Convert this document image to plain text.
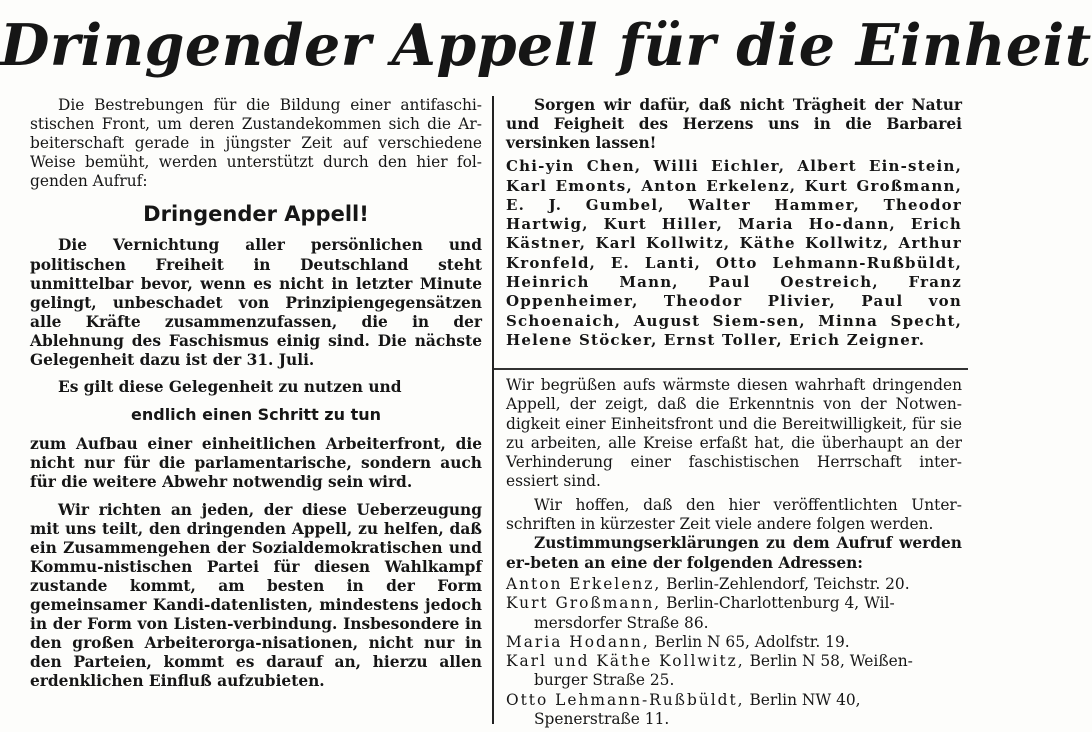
Dringender Appell für die Einheit

Die Bestrebungen für die Bildung einer antifaschi-stischen Front, um deren Zustandekommen sich die Ar-beiterschaft gerade in jüngster Zeit auf verschiedene Weise bemüht, werden unterstützt durch den hier fol-genden Aufruf:

Dringender Appell!

Die Vernichtung aller persönlichen und politischen Freiheit in Deutschland steht unmittelbar bevor, wenn es nicht in letzter Minute gelingt, unbeschadet von Prinzipiengegensätzen alle Kräfte zusammenzufassen, die in der Ablehnung des Faschismus einig sind. Die nächste Gelegenheit dazu ist der 31. Juli.

Es gilt diese Gelegenheit zu nutzen und

endlich einen Schritt zu tun

zum Aufbau einer einheitlichen Arbeiterfront, die nicht nur für die parlamentarische, sondern auch für die weitere Abwehr notwendig sein wird.

Wir richten an jeden, der diese Ueberzeugung mit uns teilt, den dringenden Appell, zu helfen, daß ein Zusammengehen der Sozialdemokratischen und Kommu-nistischen Partei für diesen Wahlkampf zustande kommt, am besten in der Form gemeinsamer Kandi-datenlisten, mindestens jedoch in der Form von Listen-verbindung. Insbesondere in den großen Arbeiterorga-nisationen, nicht nur in den Parteien, kommt es darauf an, hierzu allen erdenklichen Einfluß aufzubieten.

Sorgen wir dafür, daß nicht Trägheit der Natur und Feigheit des Herzens uns in die Barbarei versinken lassen!

Chi-yin Chen, Willi Eichler, Albert Ein-stein, Karl Emonts, Anton Erkelenz, Kurt Großmann, E. J. Gumbel, Walter Hammer, Theodor Hartwig, Kurt Hiller, Maria Ho-dann, Erich Kästner, Karl Kollwitz, Käthe Kollwitz, Arthur Kronfeld, E. Lanti, Otto Lehmann-Rußbüldt, Heinrich Mann, Paul Oestreich, Franz Oppenheimer, Theodor Plivier, Paul von Schoenaich, August Siem-sen, Minna Specht, Helene Stöcker, Ernst Toller, Erich Zeigner.

Wir begrüßen aufs wärmste diesen wahrhaft dringenden Appell, der zeigt, daß die Erkenntnis von der Notwen-digkeit einer Einheitsfront und die Bereitwilligkeit, für sie zu arbeiten, alle Kreise erfaßt hat, die überhaupt an der Verhinderung einer faschistischen Herrschaft inter-essiert sind.

Wir hoffen, daß den hier veröffentlichten Unter-schriften in kürzester Zeit viele andere folgen werden.

Zustimmungserklärungen zu dem Aufruf werden er-beten an eine der folgenden Adressen:

Anton Erkelenz, Berlin-Zehlendorf, Teichstr. 20.

Kurt Großmann, Berlin-Charlottenburg 4, Wil-
mersdorfer Straße 86.

Maria Hodann, Berlin N 65, Adolfstr. 19.

Karl und Käthe Kollwitz, Berlin N 58, Weißen-
burger Straße 25.

Otto Lehmann-Rußbüldt, Berlin NW 40,
Spenerstraße 11.
